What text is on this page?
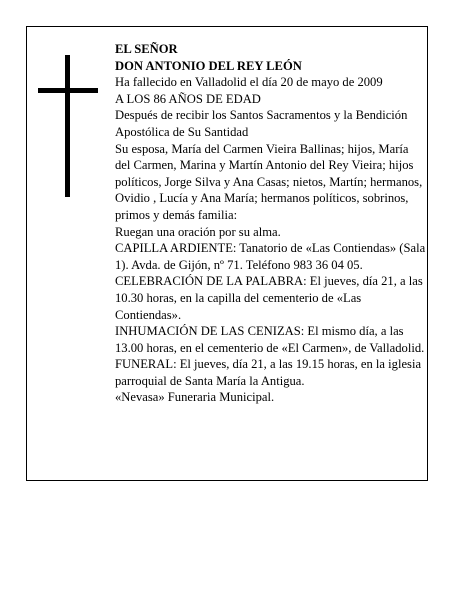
EL SEÑOR

DON ANTONIO DEL REY LEÓN

Ha fallecido en Valladolid el día 20 de mayo de 2009

A LOS 86 AÑOS DE EDAD

Después de recibir los Santos Sacramentos y la Bendición Apostólica de Su Santidad

Su esposa, María del Carmen Vieira Ballinas; hijos, María del Carmen, Marina y Martín Antonio del Rey Vieira; hijos políticos, Jorge Silva y Ana Casas; nietos, Martín; hermanos, Ovidio , Lucía y Ana María; hermanos políticos, sobrinos, primos y demás familia:

Ruegan una oración por su alma.

CAPILLA ARDIENTE: Tanatorio de «Las Contiendas» (Sala 1). Avda. de Gijón, nº 71. Teléfono 983 36 04 05.

CELEBRACIÓN DE LA PALABRA: El jueves, día 21, a las 10.30 horas, en la capilla del cementerio de «Las Contiendas».

INHUMACIÓN DE LAS CENIZAS: El mismo día, a las 13.00 horas, en el cementerio de «El Carmen», de Valladolid.

FUNERAL: El jueves, día 21, a las 19.15 horas, en la iglesia parroquial de Santa María la Antigua.

«Nevasa» Funeraria Municipal.
